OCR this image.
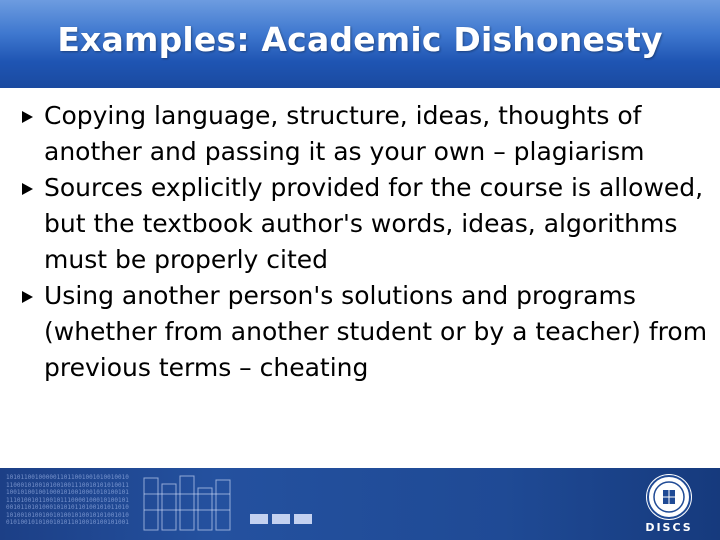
Examples: Academic Dishonesty
Copying language, structure, ideas, thoughts of another and passing it as your own – plagiarism
Sources explicitly provided for the course is allowed, but the textbook author's words, ideas, algorithms must be properly cited
Using another person's solutions and programs (whether from another student or by a teacher) from previous terms – cheating
1010110010000011011001001010010010
1100010100101001001110010101010011
1001010010010001010010001010100101
1110100101100101110000100010100101
0010110101000101010110100101011010
1010010100100101001010010101001010
0101001010100101011010010100101001	DISCS
